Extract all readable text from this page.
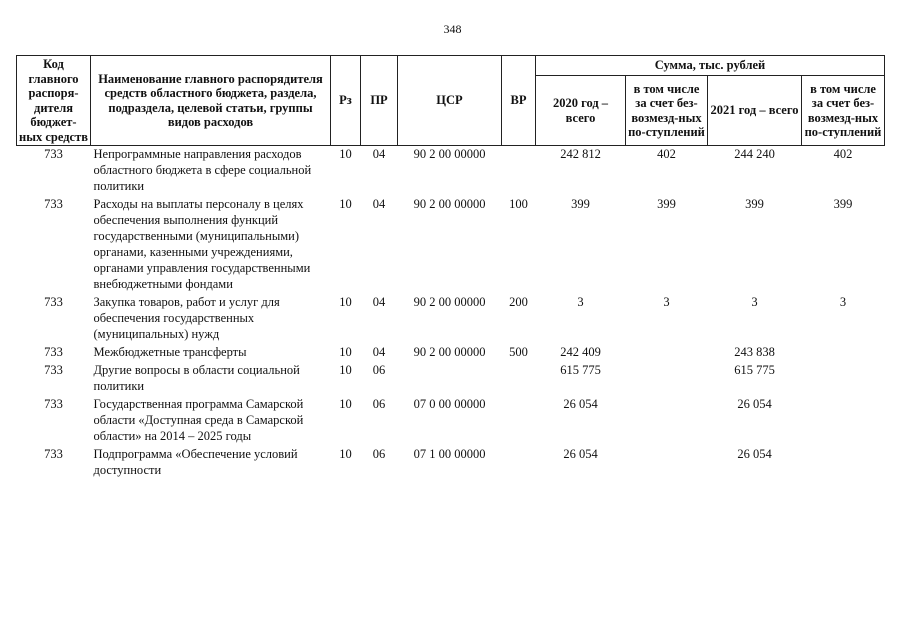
348
Код главного распоря-дителя бюджет-ных средств	Наименование главного распорядителя средств областного бюджета, раздела, подраздела, целевой статьи, группы видов расходов	Рз	ПР	ЦСР	ВР	Сумма, тыс. рублей			
						2020 год – всего	в том числе за счет без-возмезд-ных по-ступлений	2021 год – всего	в том числе за счет без-возмезд-ных по-ступлений
733	Непрограммные направления расходов областного бюджета в сфере социальной политики	10	04	90 2 00 00000		242 812	402	244 240	402
733	Расходы на выплаты персоналу в целях обеспечения выполнения функций государственными (муниципальными) органами, казенными учреждениями, органами управления государственными внебюджетными фондами	10	04	90 2 00 00000	100	399	399	399	399
733	Закупка товаров, работ и услуг для обеспечения государственных (муниципальных) нужд	10	04	90 2 00 00000	200	3	3	3	3
733	Межбюджетные трансферты	10	04	90 2 00 00000	500	242 409		243 838	
733	Другие вопросы в области социальной политики	10	06			615 775		615 775	
733	Государственная программа Самарской области «Доступная среда в Самарской области» на 2014 – 2025 годы	10	06	07 0 00 00000		26 054		26 054	
733	Подпрограмма «Обеспечение условий доступности	10	06	07 1 00 00000		26 054		26 054	
